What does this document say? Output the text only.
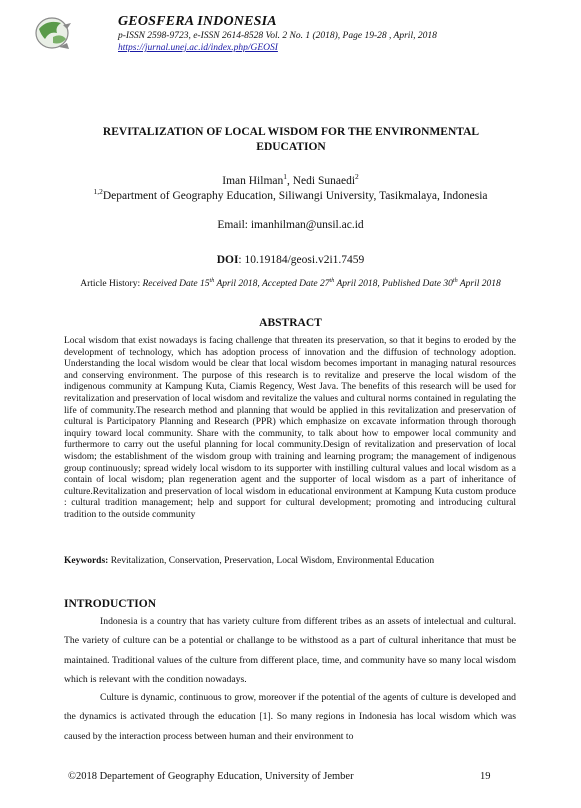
GEOSFERA INDONESIA
p-ISSN 2598-9723, e-ISSN 2614-8528 Vol. 2 No. 1 (2018), Page 19-28 , April, 2018
https://jurnal.unej.ac.id/index.php/GEOSI
REVITALIZATION OF LOCAL WISDOM FOR THE ENVIRONMENTAL EDUCATION
Iman Hilman$^1$, Nedi Sunaedi$^2$
$^{1,2}$Department of Geography Education, Siliwangi University, Tasikmalaya, Indonesia
Email: imanhilman@unsil.ac.id
DOI: 10.19184/geosi.v2i1.7459
Article History: Received Date 15th April 2018, Accepted Date 27th April 2018, Published Date 30th April 2018
ABSTRACT
Local wisdom that exist nowadays is facing challenge that threaten its preservation, so that it begins to eroded by the development of technology, which has adoption process of innovation and the diffusion of technology adoption. Understanding the local wisdom would be clear that local wisdom becomes important in managing natural resources and conserving environment. The purpose of this research is to revitalize and preserve the local wisdom of the indigenous community at Kampung Kuta, Ciamis Regency, West Java. The benefits of this research will be used for revitalization and preservation of local wisdom and revitalize the values and cultural norms contained in regulating the life of community.The research method and planning that would be applied in this revitalization and preservation of cultural is Participatory Planning and Research (PPR) which emphasize on excavate information through thorough inquiry toward local community. Share with the community, to talk about how to empower local community and furthermore to carry out the useful planning for local community.Design of revitalization and preservation of local wisdom; the establishment of the wisdom group with training and learning program; the management of indigenous group continuously; spread widely local wisdom to its supporter with instilling cultural values and local wisdom as a contain of local wisdom; plan regeneration agent and the supporter of local wisdom as a part of inheritance of culture.Revitalization and preservation of local wisdom in educational environment at Kampung Kuta custom produce : cultural tradition management; help and support for cultural development; promoting and introducing cultural tradition to the outside community
Keywords: Revitalization, Conservation, Preservation, Local Wisdom, Environmental Education
INTRODUCTION
Indonesia is a country that has variety culture from different tribes as an assets of intelectual and cultural. The variety of culture can be a potential or challange to be withstood as a part of cultural inheritance that must be maintained. Traditional values of the culture from different place, time, and community have so many local wisdom which is relevant with the condition nowadays.
Culture is dynamic, continuous to grow, moreover if the potential of the agents of culture is developed and the dynamics is activated through the education [1]. So many regions in Indonesia has local wisdom which was caused by the interaction process between human and their environment to
©2018 Departement of Geography Education, University of Jember	19
